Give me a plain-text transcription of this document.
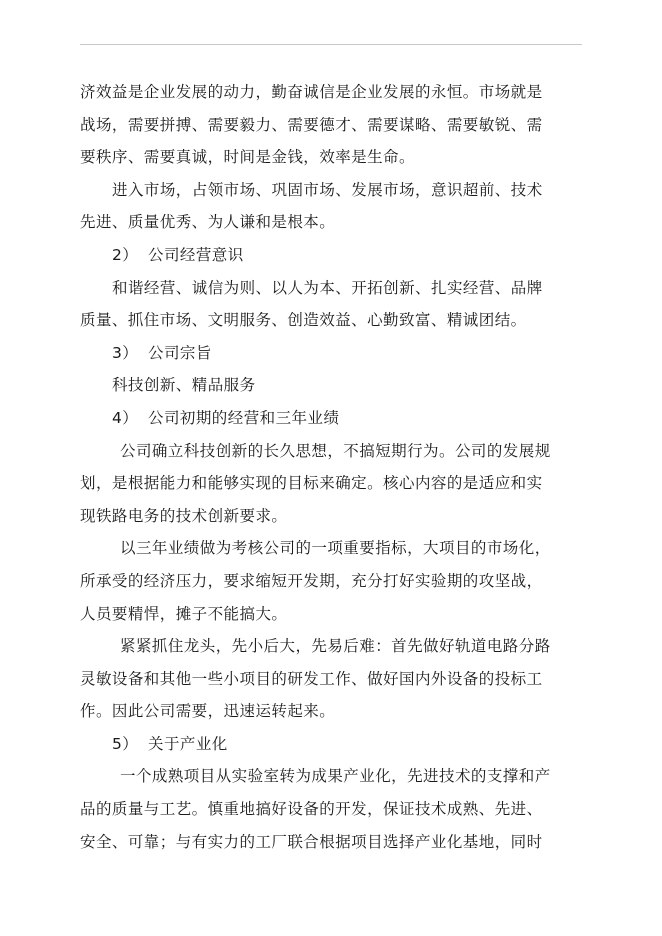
济效益是企业发展的动力，勤奋诚信是企业发展的永恒。市场就是
战场，需要拼搏、需要毅力、需要德才、需要谋略、需要敏锐、需
要秩序、需要真诚，时间是金钱，效率是生命。
进入市场，占领市场、巩固市场、发展市场，意识超前、技术
先进、质量优秀、为人谦和是根本。
2） 公司经营意识
和谐经营、诚信为则、以人为本、开拓创新、扎实经营、品牌
质量、抓住市场、文明服务、创造效益、心勤致富、精诚团结。
3） 公司宗旨
科技创新、精品服务
4） 公司初期的经营和三年业绩
公司确立科技创新的长久思想，不搞短期行为。公司的发展规
划，是根据能力和能够实现的目标来确定。核心内容的是适应和实
现铁路电务的技术创新要求。
以三年业绩做为考核公司的一项重要指标，大项目的市场化，
所承受的经济压力，要求缩短开发期，充分打好实验期的攻坚战，
人员要精悍，摊子不能搞大。
紧紧抓住龙头，先小后大，先易后难：首先做好轨道电路分路
灵敏设备和其他一些小项目的研发工作、做好国内外设备的投标工
作。因此公司需要，迅速运转起来。
5） 关于产业化
一个成熟项目从实验室转为成果产业化，先进技术的支撑和产
品的质量与工艺。慎重地搞好设备的开发，保证技术成熟、先进、
安全、可靠；与有实力的工厂联合根据项目选择产业化基地，同时
